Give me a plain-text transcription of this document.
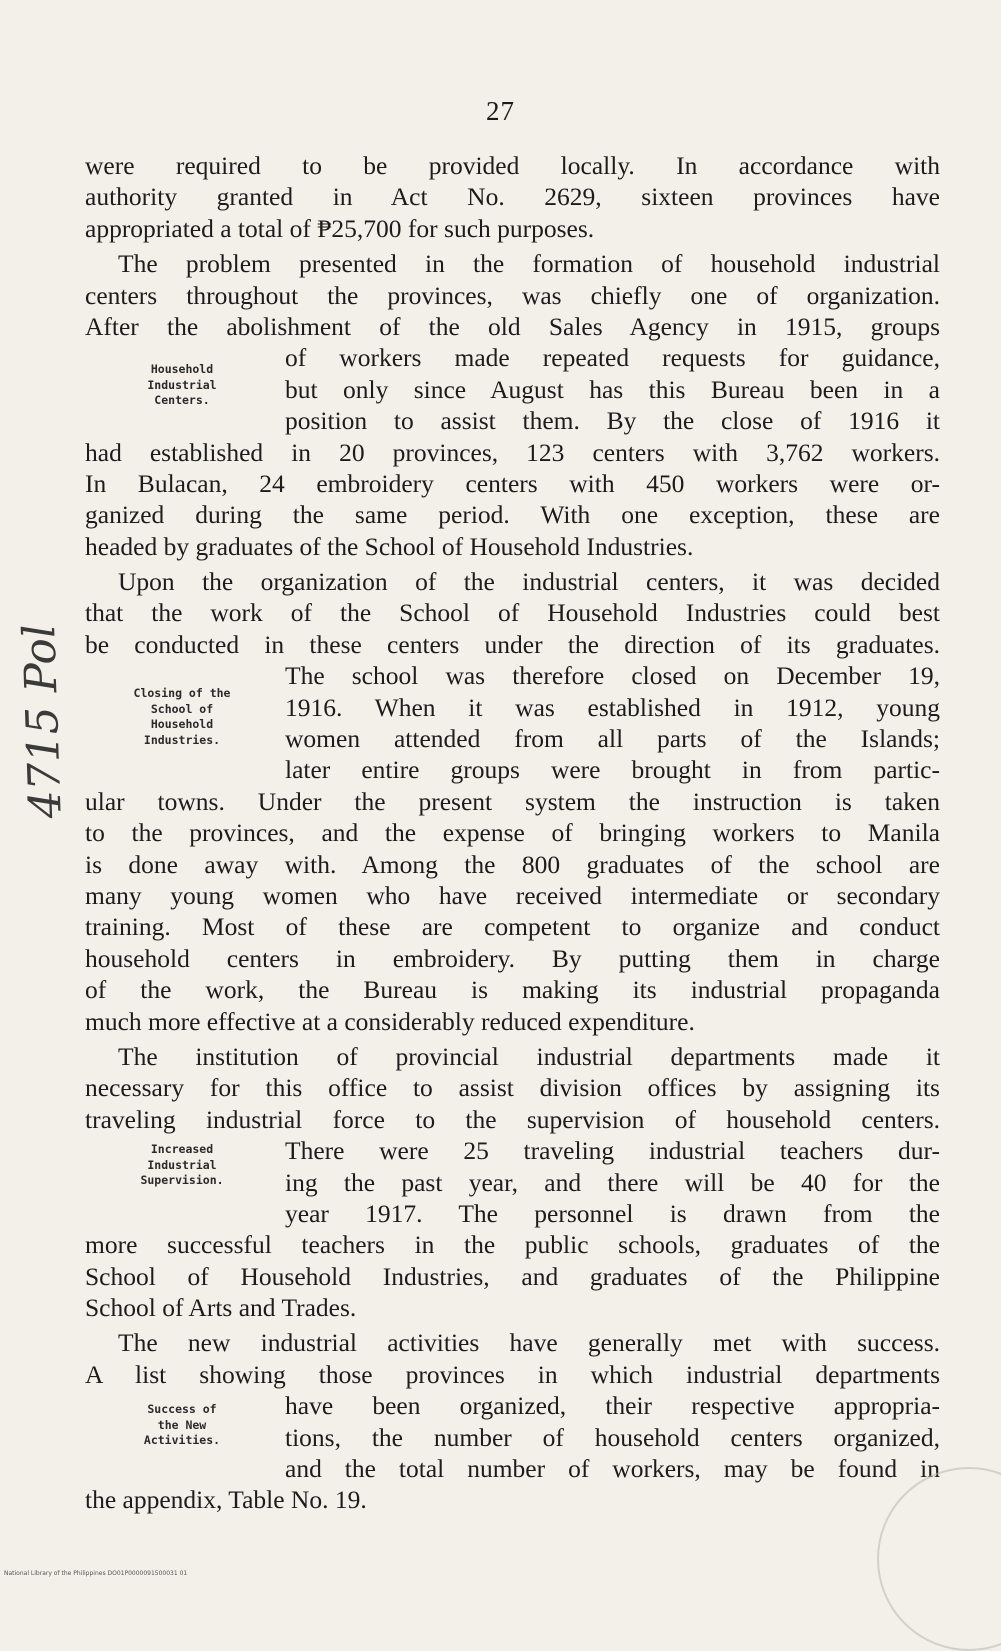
27
4715 Pol
Household
Industrial
Centers.
Closing of the
School of
Household
Industries.
Increased
Industrial
Supervision.
Success of
the New
Activities.
were required to be provided locally. In accordance with
authority granted in Act No. 2629, sixteen provinces have
appropriated a total of ₱25,700 for such purposes.
The problem presented in the formation of household industrial
centers throughout the provinces, was chiefly one of organization.
After the abolishment of the old Sales Agency in 1915, groups
of workers made repeated requests for guidance,
but only since August has this Bureau been in a
position to assist them. By the close of 1916 it
had established in 20 provinces, 123 centers with 3,762 workers.
In Bulacan, 24 embroidery centers with 450 workers were or-
ganized during the same period. With one exception, these are
headed by graduates of the School of Household Industries.
Upon the organization of the industrial centers, it was decided
that the work of the School of Household Industries could best
be conducted in these centers under the direction of its graduates.
The school was therefore closed on December 19,
1916. When it was established in 1912, young
women attended from all parts of the Islands;
later entire groups were brought in from partic-
ular towns. Under the present system the instruction is taken
to the provinces, and the expense of bringing workers to Manila
is done away with. Among the 800 graduates of the school are
many young women who have received intermediate or secondary
training. Most of these are competent to organize and conduct
household centers in embroidery. By putting them in charge
of the work, the Bureau is making its industrial propaganda
much more effective at a considerably reduced expenditure.
The institution of provincial industrial departments made it
necessary for this office to assist division offices by assigning its
traveling industrial force to the supervision of household centers.
There were 25 traveling industrial teachers dur-
ing the past year, and there will be 40 for the
year 1917. The personnel is drawn from the
more successful teachers in the public schools, graduates of the
School of Household Industries, and graduates of the Philippine
School of Arts and Trades.
The new industrial activities have generally met with success.
A list showing those provinces in which industrial departments
have been organized, their respective appropria-
tions, the number of household centers organized,
and the total number of workers, may be found in
the appendix, Table No. 19.
National Library of the Philippines DO01P0000091500031 01
